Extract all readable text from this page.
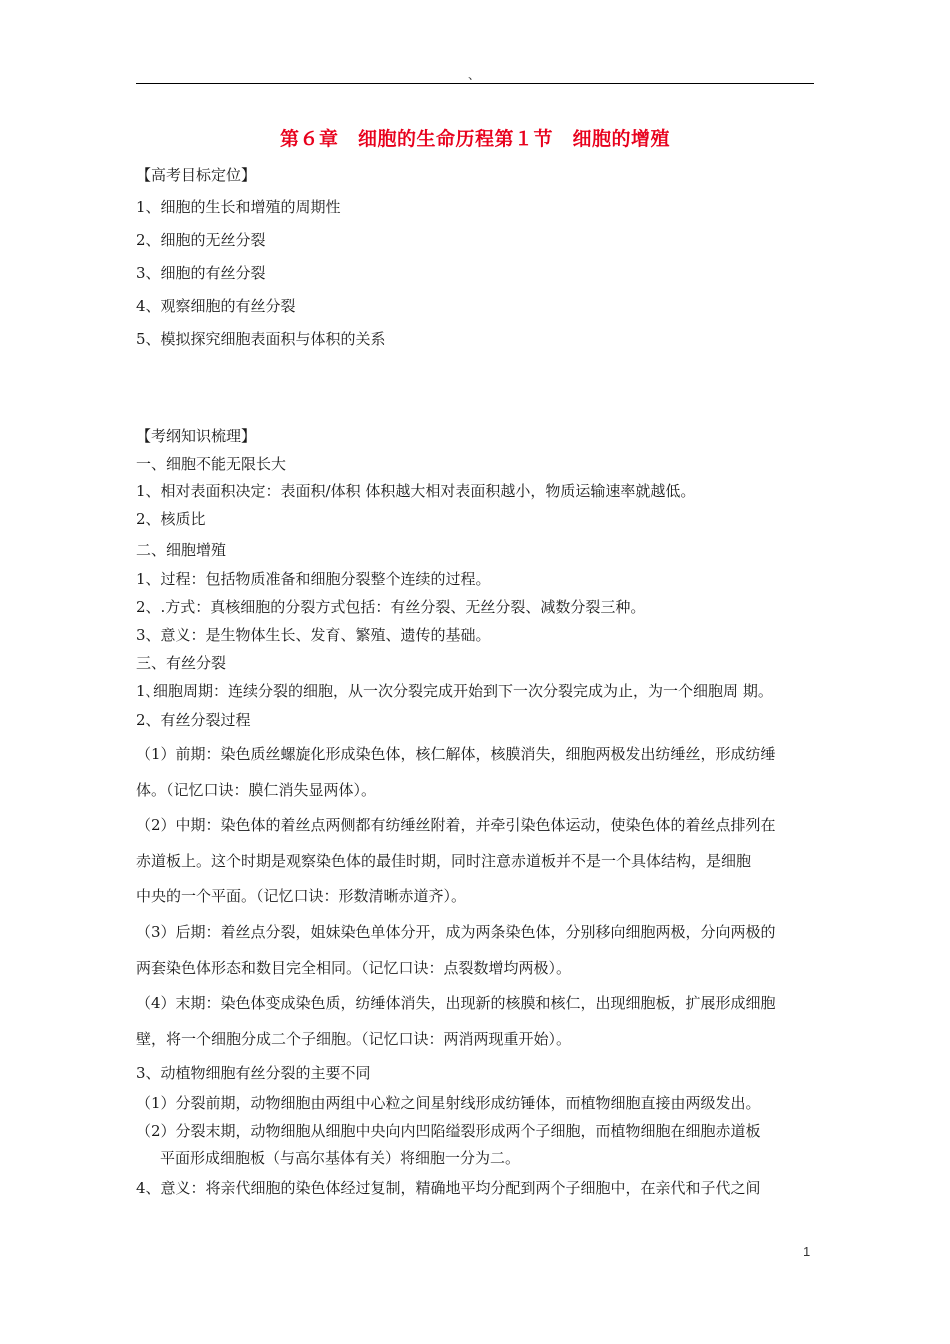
、
第６章　细胞的生命历程第１节　细胞的增殖
【高考目标定位】
1、细胞的生长和增殖的周期性
2、细胞的无丝分裂
3、细胞的有丝分裂
4、观察细胞的有丝分裂
5、模拟探究细胞表面积与体积的关系
【考纲知识梳理】
一、细胞不能无限长大
1、相对表面积决定：表面积/体积 体积越大相对表面积越小，物质运输速率就越低。
2、核质比
二、细胞增殖
1、过程：包括物质准备和细胞分裂整个连续的过程。
2、.方式：真核细胞的分裂方式包括：有丝分裂、无丝分裂、减数分裂三种。
3、意义：是生物体生长、发育、繁殖、遗传的基础。
三、有丝分裂
1､细胞周期：连续分裂的细胞，从一次分裂完成开始到下一次分裂完成为止，为一个细胞周 期。
2、有丝分裂过程
（1）前期：染色质丝螺旋化形成染色体，核仁解体，核膜消失，细胞两极发出纺缍丝，形成纺缍
体。（记忆口诀：膜仁消失显两体）。
（2）中期：染色体的着丝点两侧都有纺缍丝附着，并牵引染色体运动，使染色体的着丝点排列在
赤道板上。这个时期是观察染色体的最佳时期，同时注意赤道板并不是一个具体结构，是细胞
中央的一个平面。（记忆口诀：形数清晰赤道齐）。
（3）后期：着丝点分裂，姐妹染色单体分开，成为两条染色体，分别移向细胞两极，分向两极的
两套染色体形态和数目完全相同。（记忆口诀：点裂数增均两极）。
（4）末期：染色体变成染色质，纺缍体消失，出现新的核膜和核仁，出现细胞板，扩展形成细胞
壁，将一个细胞分成二个子细胞。（记忆口诀：两消两现重开始）。
3、动植物细胞有丝分裂的主要不同
（1）分裂前期，动物细胞由两组中心粒之间星射线形成纺锤体，而植物细胞直接由两级发出。
（2）分裂末期，动物细胞从细胞中央向内凹陷缢裂形成两个子细胞，而植物细胞在细胞赤道板
平面形成细胞板（与高尔基体有关）将细胞一分为二。
4、意义：将亲代细胞的染色体经过复制，精确地平均分配到两个子细胞中，在亲代和子代之间
1
